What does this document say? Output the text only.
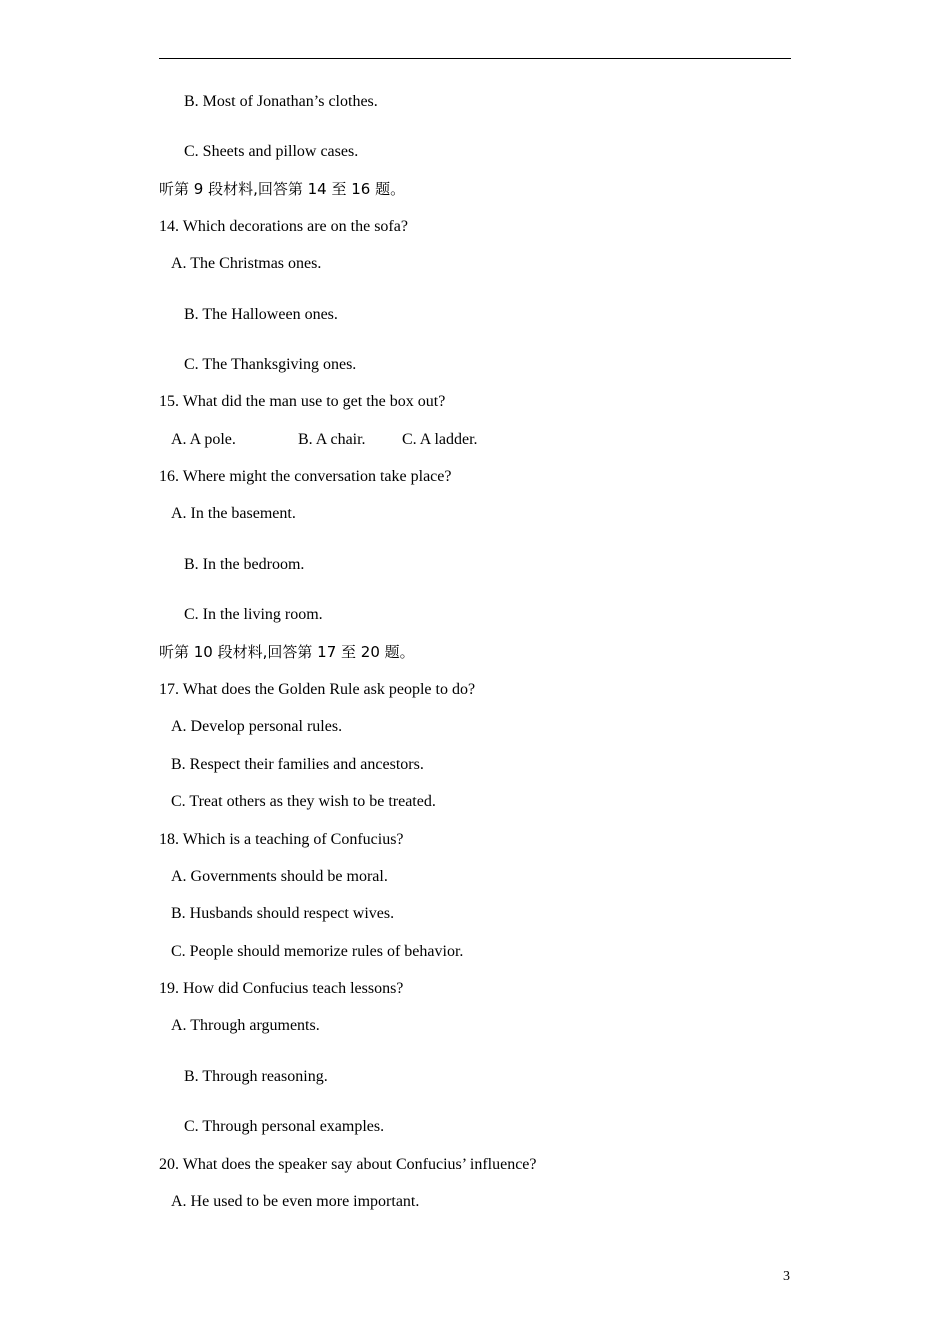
B. Most of Jonathan’s clothes.
C. Sheets and pillow cases.
听第 9 段材料,回答第 14 至 16 题。
14. Which decorations are on the sofa?
A. The Christmas ones.
B. The Halloween ones.
C. The Thanksgiving ones.
15. What did the man use to get the box out?
A. A pole.	B. A chair. C. A ladder.
16. Where might the conversation take place?
A. In the basement.
B. In the bedroom.
C. In the living room.
听第 10 段材料,回答第 17 至 20 题。
17. What does the Golden Rule ask people to do?
A. Develop personal rules.
B. Respect their families and ancestors.
C. Treat others as they wish to be treated.
18. Which is a teaching of Confucius?
A. Governments should be moral.
B. Husbands should respect wives.
C. People should memorize rules of behavior.
19. How did Confucius teach lessons?
A. Through arguments.
B. Through reasoning.
C. Through personal examples.
20. What does the speaker say about Confucius’ influence?
A. He used to be even more important.
3
